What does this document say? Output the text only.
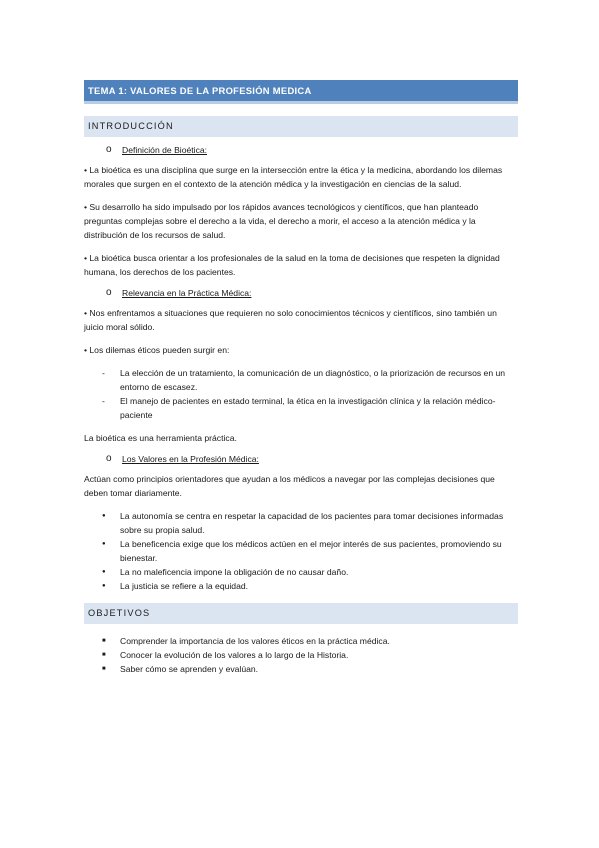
TEMA 1: VALORES DE LA PROFESIÓN MEDICA
INTRODUCCIÓN
o	Definición de Bioética:

• La bioética es una disciplina que surge en la intersección entre la ética y la medicina, abordando los dilemas morales que surgen en el contexto de la atención médica y la investigación en ciencias de la salud.

• Su desarrollo ha sido impulsado por los rápidos avances tecnológicos y científicos, que han planteado preguntas complejas sobre el derecho a la vida, el derecho a morir, el acceso a la atención médica y la distribución de los recursos de salud.

• La bioética busca orientar a los profesionales de la salud en la toma de decisiones que respeten la dignidad humana, los derechos de los pacientes.

o	Relevancia en la Práctica Médica:

• Nos enfrentamos a situaciones que requieren no solo conocimientos técnicos y científicos, sino también un juicio moral sólido.

• Los dilemas éticos pueden surgir en:

- La elección de un tratamiento, la comunicación de un diagnóstico, o la priorización de recursos en un entorno de escasez.
- El manejo de pacientes en estado terminal, la ética en la investigación clínica y la relación médico-paciente

La bioética es una herramienta práctica.

o	Los Valores en la Profesión Médica:

Actúan como principios orientadores que ayudan a los médicos a navegar por las complejas decisiones que deben tomar diariamente.

● La autonomía se centra en respetar la capacidad de los pacientes para tomar decisiones informadas sobre su propia salud.
● La beneficencia exige que los médicos actúen en el mejor interés de sus pacientes, promoviendo su bienestar.
● La no maleficencia impone la obligación de no causar daño.
● La justicia se refiere a la equidad.
OBJETIVOS
■ Comprender la importancia de los valores éticos en la práctica médica.
■ Conocer la evolución de los valores a lo largo de la Historia.
■ Saber cómo se aprenden y evalúan.
